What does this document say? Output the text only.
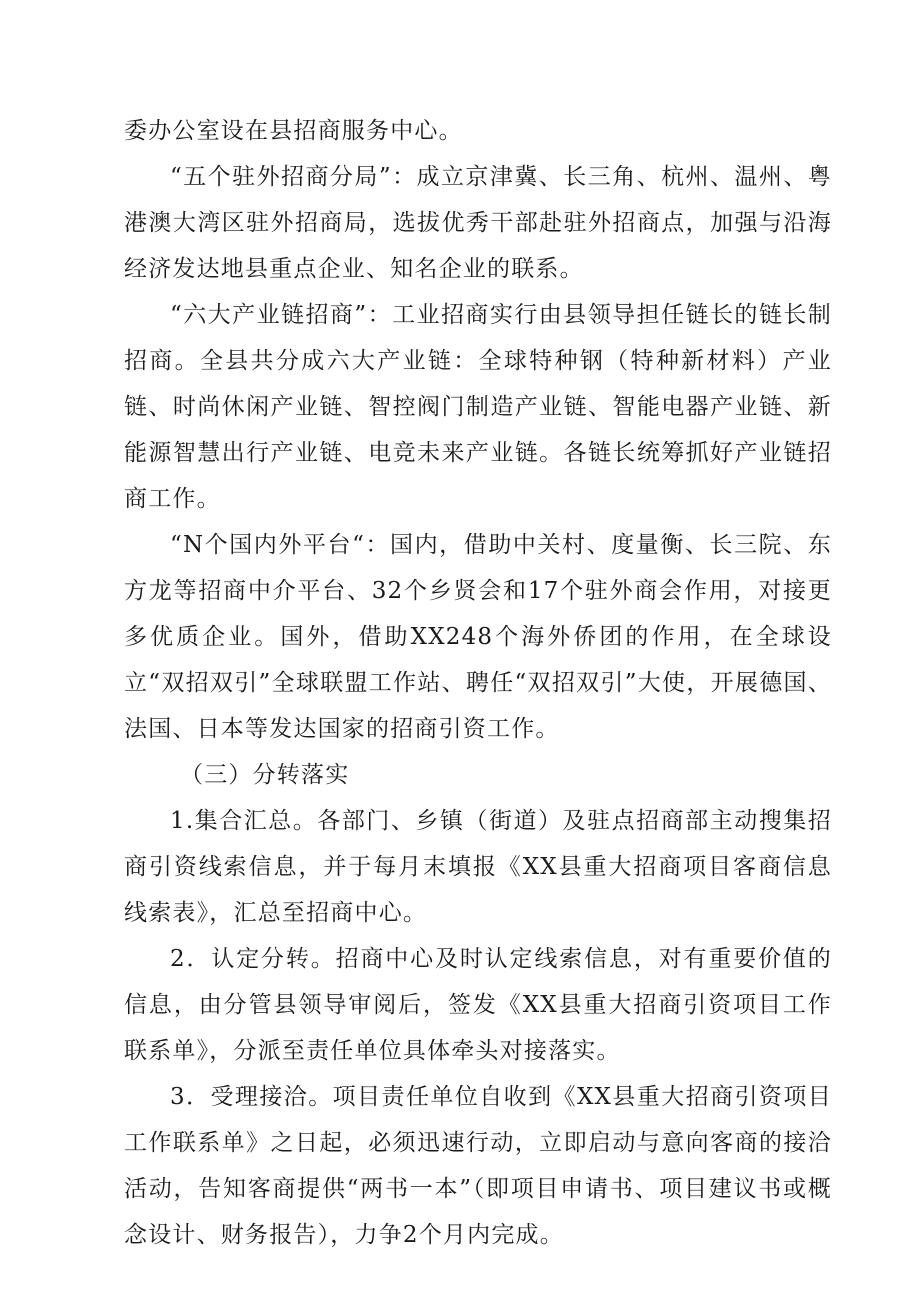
委办公室设在县招商服务中心。

“五个驻外招商分局”：成立京津冀、长三角、杭州、温州、粤港澳大湾区驻外招商局，选拔优秀干部赴驻外招商点，加强与沿海经济发达地县重点企业、知名企业的联系。

“六大产业链招商”：工业招商实行由县领导担任链长的链长制招商。全县共分成六大产业链：全球特种钢（特种新材料）产业链、时尚休闲产业链、智控阀门制造产业链、智能电器产业链、新能源智慧出行产业链、电竞未来产业链。各链长统筹抓好产业链招商工作。

“N个国内外平台“：国内，借助中关村、度量衡、长三院、东方龙等招商中介平台、32个乡贤会和17个驻外商会作用，对接更多优质企业。国外，借助XX248个海外侨团的作用，在全球设立“双招双引”全球联盟工作站、聘任“双招双引”大使，开展德国、法国、日本等发达国家的招商引资工作。

（三）分转落实

1.集合汇总。各部门、乡镇（街道）及驻点招商部主动搜集招商引资线索信息，并于每月末填报《XX县重大招商项目客商信息线索表》，汇总至招商中心。

2．认定分转。招商中心及时认定线索信息，对有重要价值的信息，由分管县领导审阅后，签发《XX县重大招商引资项目工作联系单》，分派至责任单位具体牵头对接落实。

3．受理接洽。项目责任单位自收到《XX县重大招商引资项目工作联系单》之日起，必须迅速行动，立即启动与意向客商的接洽活动，告知客商提供“两书一本”（即项目申请书、项目建议书或概念设计、财务报告），力争2个月内完成。
